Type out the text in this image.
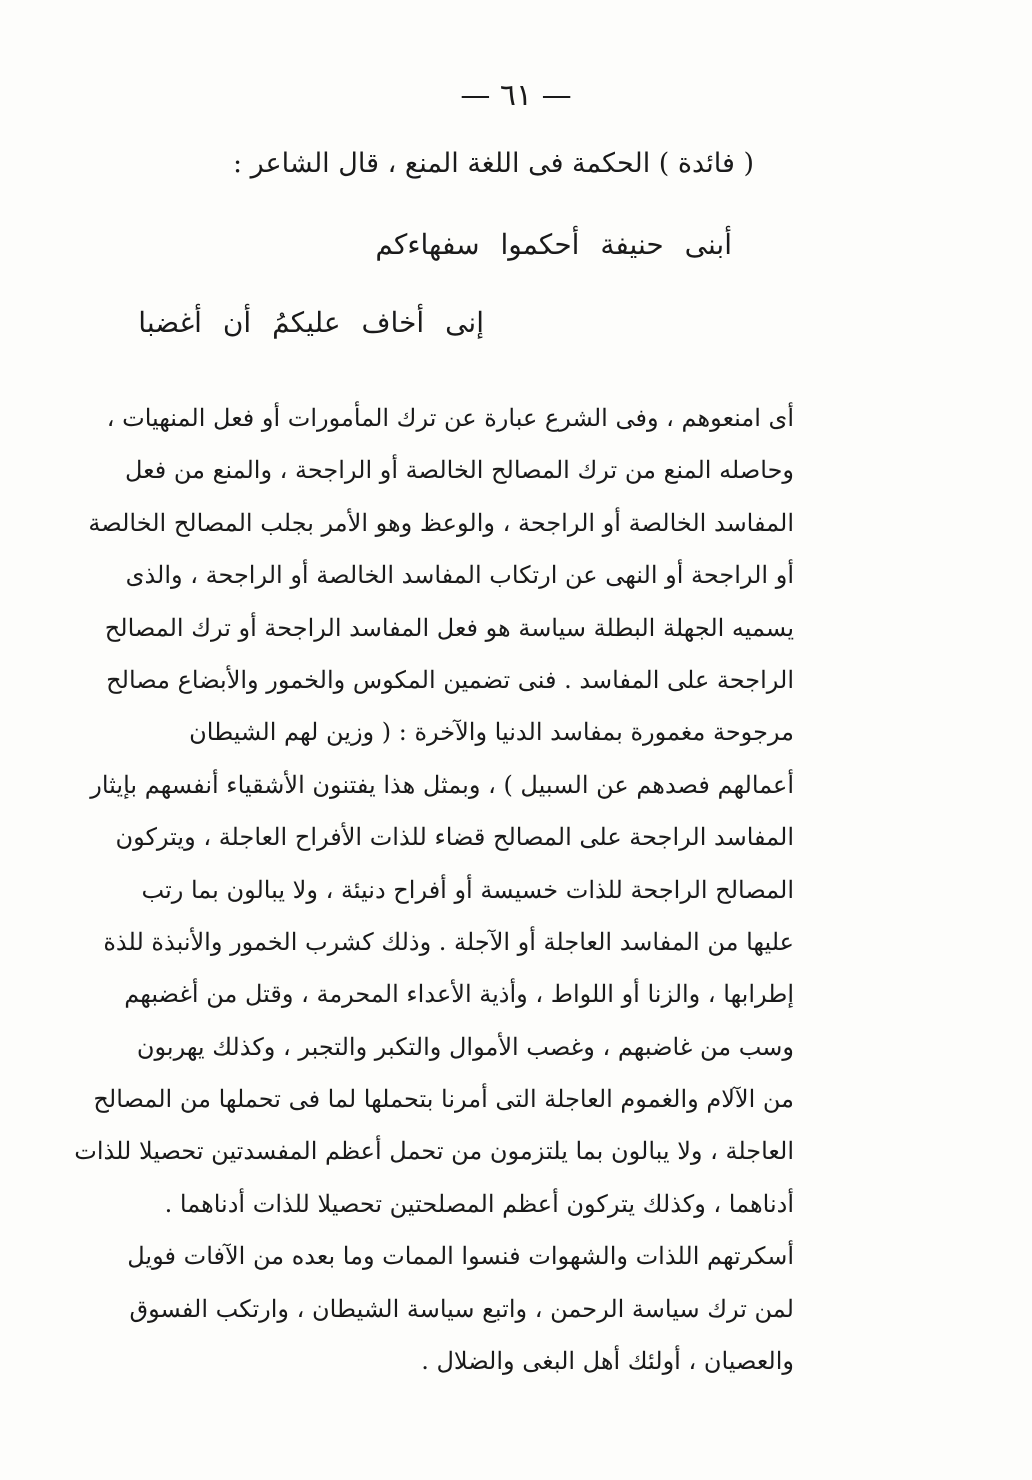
— ٦١ —
( فائدة ) الحكمة فى اللغة المنع ، قال الشاعر :
أبنى حنيفة أحكموا سفهاءكم
إنى أخاف عليكمُ أن أغضبا
أى امنعوهم ، وفى الشرع عبارة عن ترك المأمورات أو فعل المنهيات ،
وحاصله المنع من ترك المصالح الخالصة أو الراجحة ، والمنع من فعل
المفاسد الخالصة أو الراجحة ، والوعظ وهو الأمر بجلب المصالح الخالصة
أو الراجحة أو النهى عن ارتكاب المفاسد الخالصة أو الراجحة ، والذى
يسميه الجهلة البطلة سياسة هو فعل المفاسد الراجحة أو ترك المصالح
الراجحة على المفاسد . فنى تضمين المكوس والخمور والأبضاع مصالح
مرجوحة مغمورة بمفاسد الدنيا والآخرة : ( وزين لهم الشيطان
أعمالهم فصدهم عن السبيل ) ، وبمثل هذا يفتنون الأشقياء أنفسهم بإيثار
المفاسد الراجحة على المصالح قضاء للذات الأفراح العاجلة ، ويتركون
المصالح الراجحة للذات خسيسة أو أفراح دنيئة ، ولا يبالون بما رتب
عليها من المفاسد العاجلة أو الآجلة . وذلك كشرب الخمور والأنبذة للذة
إطرابها ، والزنا أو اللواط ، وأذية الأعداء المحرمة ، وقتل من أغضبهم
وسب من غاضبهم ، وغصب الأموال والتكبر والتجبر ، وكذلك يهربون
من الآلام والغموم العاجلة التى أمرنا بتحملها لما فى تحملها من المصالح
العاجلة ، ولا يبالون بما يلتزمون من تحمل أعظم المفسدتين تحصيلا للذات
أدناهما ، وكذلك يتركون أعظم المصلحتين تحصيلا للذات أدناهما .
أسكرتهم اللذات والشهوات فنسوا الممات وما بعده من الآفات فويل
لمن ترك سياسة الرحمن ، واتبع سياسة الشيطان ، وارتكب الفسوق
والعصيان ، أولئك أهل البغى والضلال .
